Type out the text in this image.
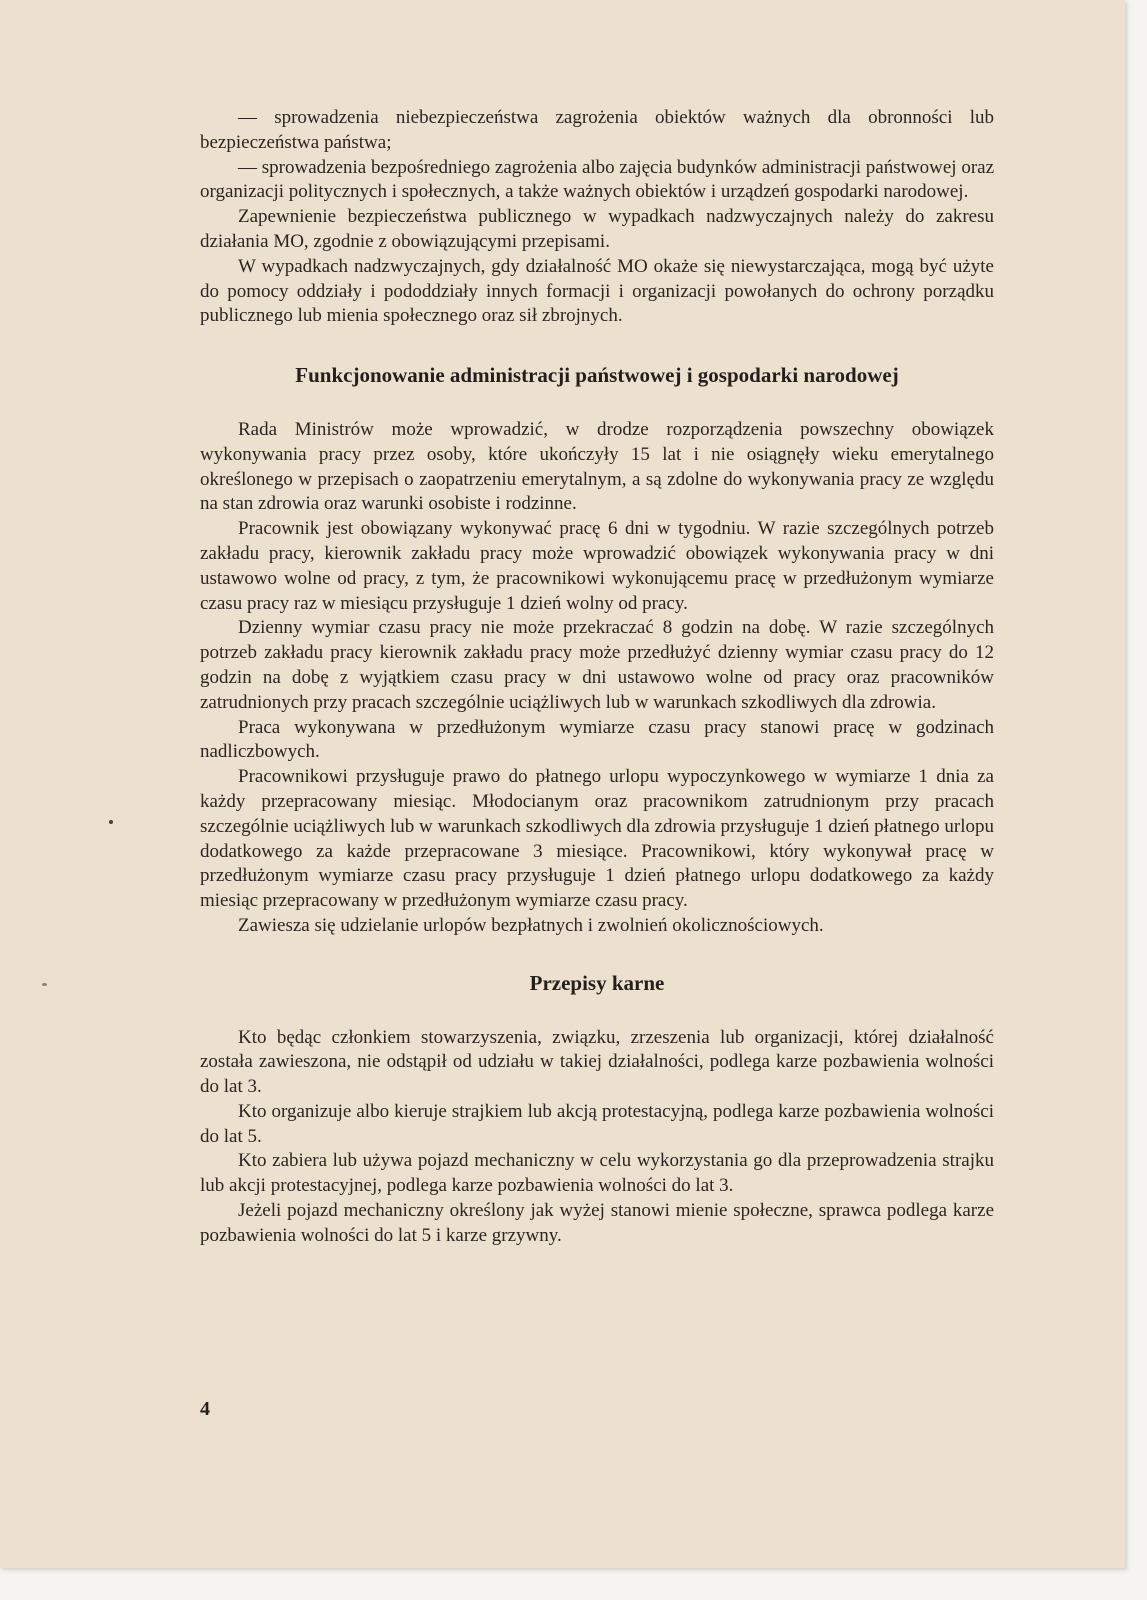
— sprowadzenia niebezpieczeństwa zagrożenia obiektów ważnych dla obronności lub bezpieczeństwa państwa;

— sprowadzenia bezpośredniego zagrożenia albo zajęcia budynków administracji państwowej oraz organizacji politycznych i społecznych, a także ważnych obiektów i urządzeń gospodarki narodowej.

Zapewnienie bezpieczeństwa publicznego w wypadkach nadzwyczajnych należy do zakresu działania MO, zgodnie z obowiązującymi przepisami.

W wypadkach nadzwyczajnych, gdy działalność MO okaże się niewystarczająca, mogą być użyte do pomocy oddziały i pododdziały innych formacji i organizacji powołanych do ochrony porządku publicznego lub mienia społecznego oraz sił zbrojnych.

Funkcjonowanie administracji państwowej i gospodarki narodowej

Rada Ministrów może wprowadzić, w drodze rozporządzenia powszechny obowiązek wykonywania pracy przez osoby, które ukończyły 15 lat i nie osiągnęły wieku emerytalnego określonego w przepisach o zaopatrzeniu emerytalnym, a są zdolne do wykonywania pracy ze względu na stan zdrowia oraz warunki osobiste i rodzinne.

Pracownik jest obowiązany wykonywać pracę 6 dni w tygodniu. W razie szczególnych potrzeb zakładu pracy, kierownik zakładu pracy może wprowadzić obowiązek wykonywania pracy w dni ustawowo wolne od pracy, z tym, że pracownikowi wykonującemu pracę w przedłużonym wymiarze czasu pracy raz w miesiącu przysługuje 1 dzień wolny od pracy.

Dzienny wymiar czasu pracy nie może przekraczać 8 godzin na dobę. W razie szczególnych potrzeb zakładu pracy kierownik zakładu pracy może przedłużyć dzienny wymiar czasu pracy do 12 godzin na dobę z wyjątkiem czasu pracy w dni ustawowo wolne od pracy oraz pracowników zatrudnionych przy pracach szczególnie uciążliwych lub w warunkach szkodliwych dla zdrowia.

Praca wykonywana w przedłużonym wymiarze czasu pracy stanowi pracę w godzinach nadliczbowych.

Pracownikowi przysługuje prawo do płatnego urlopu wypoczynkowego w wymiarze 1 dnia za każdy przepracowany miesiąc. Młodocianym oraz pracownikom zatrudnionym przy pracach szczególnie uciążliwych lub w warunkach szkodliwych dla zdrowia przysługuje 1 dzień płatnego urlopu dodatkowego za każde przepracowane 3 miesiące. Pracownikowi, który wykonywał pracę w przedłużonym wymiarze czasu pracy przysługuje 1 dzień płatnego urlopu dodatkowego za każdy miesiąc przepracowany w przedłużonym wymiarze czasu pracy.

Zawiesza się udzielanie urlopów bezpłatnych i zwolnień okolicznościowych.

Przepisy karne

Kto będąc członkiem stowarzyszenia, związku, zrzeszenia lub organizacji, której działalność została zawieszona, nie odstąpił od udziału w takiej działalności, podlega karze pozbawienia wolności do lat 3.

Kto organizuje albo kieruje strajkiem lub akcją protestacyjną, podlega karze pozbawienia wolności do lat 5.

Kto zabiera lub używa pojazd mechaniczny w celu wykorzystania go dla przeprowadzenia strajku lub akcji protestacyjnej, podlega karze pozbawienia wolności do lat 3.

Jeżeli pojazd mechaniczny określony jak wyżej stanowi mienie społeczne, sprawca podlega karze pozbawienia wolności do lat 5 i karze grzywny.

4
